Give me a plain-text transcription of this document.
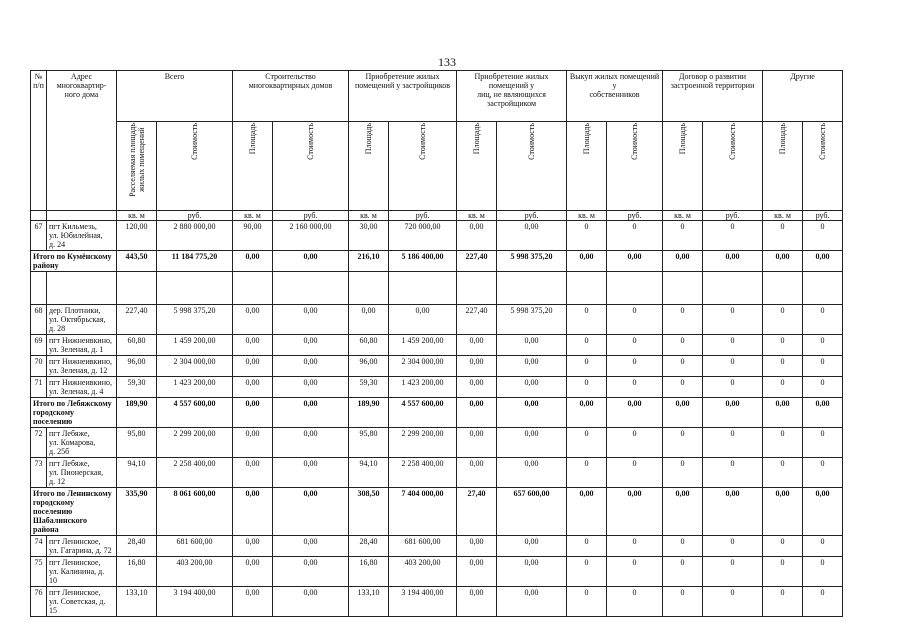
133
№
п/п	Адрес
многоквартир-
ного дома	Всего		Строительство
многоквартирных домов		Приобретение жилых
помещений у застройщиков		Приобретение жилых
помещений у
лиц, не являющихся
застройщиком		Выкуп жилых помещений у
собственников		Договор о развитии
застроенной территории		Другие	
		Расселяемая площадь
жилых помещений	Стоимость	Площадь	Стоимость	Площадь	Стоимость	Площадь	Стоимость	Площадь	Стоимость	Площадь	Стоимость	Площадь	Стоимость
		кв. м	руб.	кв. м	руб.	кв. м	руб.	кв. м	руб.	кв. м	руб.	кв. м	руб.	кв. м	руб.
67	пгт Кильмезь,
ул. Юбилейная,
д. 24	120,00	2 880 000,00	90,00	2 160 000,00	30,00	720 000,00	0,00	0,00	0	0	0	0	0	0
Итого по Кумёнскому району		443,50	11 184 775,20	0,00	0,00	216,10	5 186 400,00	227,40	5 998 375,20	0,00	0,00	0,00	0,00	0,00	0,00

68	дер. Плотники,
ул. Октябрьская,
д. 28	227,40	5 998 375,20	0,00	0,00	0,00	0,00	227,40	5 998 375,20	0	0	0	0	0	0
69	пгт Нижнеивкино,
ул. Зеленая, д. 1	60,80	1 459 200,00	0,00	0,00	60,80	1 459 200,00	0,00	0,00	0	0	0	0	0	0
70	пгт Нижнеивкино,
ул. Зеленая, д. 12	96,00	2 304 000,00	0,00	0,00	96,00	2 304 000,00	0,00	0,00	0	0	0	0	0	0
71	пгт Нижнеивкино,
ул. Зеленая, д. 4	59,30	1 423 200,00	0,00	0,00	59,30	1 423 200,00	0,00	0,00	0	0	0	0	0	0
Итого по Лебяжскому городскому поселению		189,90	4 557 600,00	0,00	0,00	189,90	4 557 600,00	0,00	0,00	0,00	0,00	0,00	0,00	0,00	0,00
72	пгт Лебяже,
ул. Комарова,
д. 25б	95,80	2 299 200,00	0,00	0,00	95,80	2 299 200,00	0,00	0,00	0	0	0	0	0	0
73	пгт Лебяже,
ул. Пионерская,
д. 12	94,10	2 258 400,00	0,00	0,00	94,10	2 258 400,00	0,00	0,00	0	0	0	0	0	0
Итого по Ленинскому городскому поселению Шабалинского района		335,90	8 061 600,00	0,00	0,00	308,50	7 404 000,00	27,40	657 600,00	0,00	0,00	0,00	0,00	0,00	0,00
74	пгт Ленинское,
ул. Гагарина, д. 72	28,40	681 600,00	0,00	0,00	28,40	681 600,00	0,00	0,00	0	0	0	0	0	0
75	пгт Ленинское,
ул. Калинина, д. 10	16,80	403 200,00	0,00	0,00	16,80	403 200,00	0,00	0,00	0	0	0	0	0	0
76	пгт Ленинское,
ул. Советская, д. 15	133,10	3 194 400,00	0,00	0,00	133,10	3 194 400,00	0,00	0,00	0	0	0	0	0	0
